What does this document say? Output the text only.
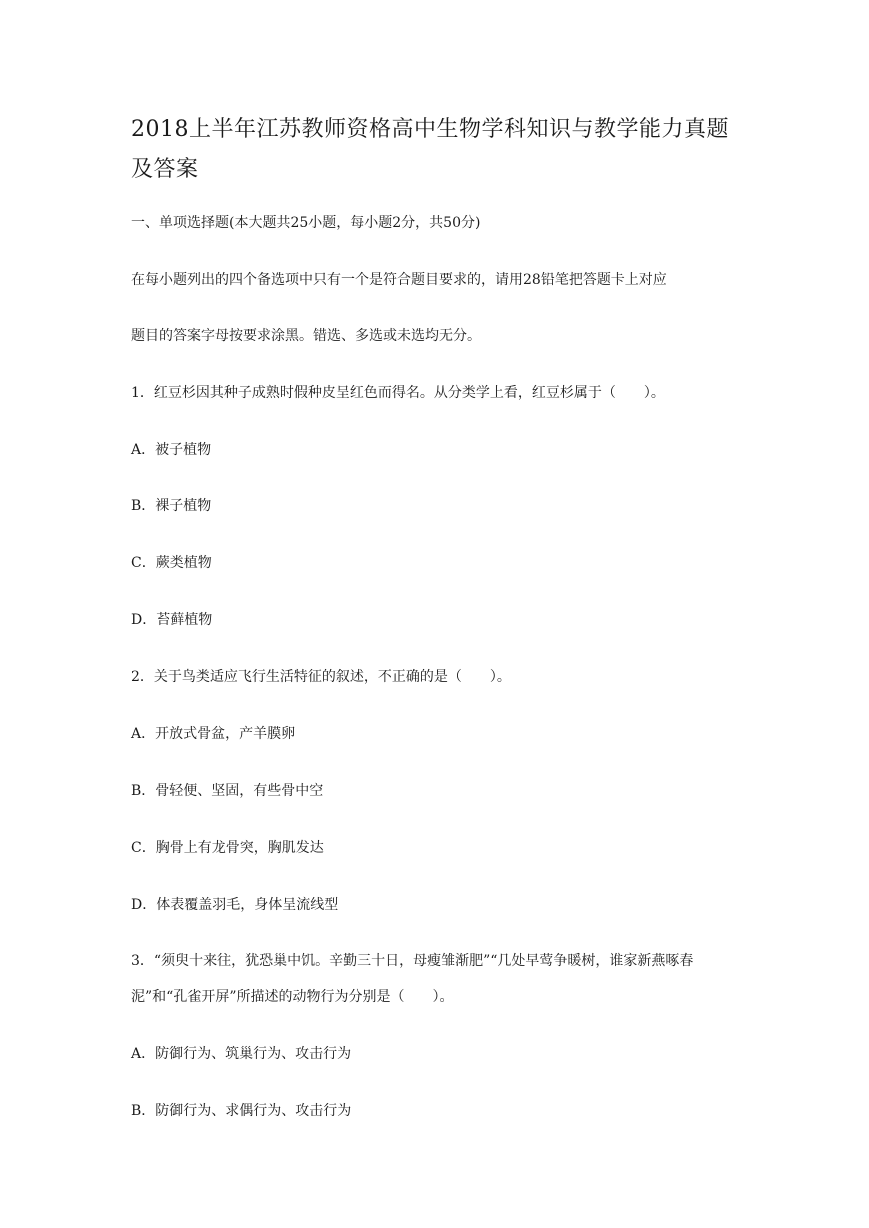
2018上半年江苏教师资格高中生物学科知识与教学能力真题及答案

一、单项选择题(本大题共25小题，每小题2分，共50分)

在每小题列出的四个备选项中只有一个是符合题目要求的，请用28铅笔把答题卡上对应

题目的答案字母按要求涂黑。错选、多选或未选均无分。

1．红豆杉因其种子成熟时假种皮呈红色而得名。从分类学上看，红豆杉属于（　　）。

A．被子植物

B．裸子植物

C．蕨类植物

D．苔藓植物

2．关于鸟类适应飞行生活特征的叙述，不正确的是（　　）。

A．开放式骨盆，产羊膜卵

B．骨轻便、坚固，有些骨中空

C．胸骨上有龙骨突，胸肌发达

D．体表覆盖羽毛，身体呈流线型

3．“须臾十来往，犹恐巢中饥。辛勤三十日，母瘦雏渐肥”“几处早莺争暖树，谁家新燕啄春泥”和“孔雀开屏”所描述的动物行为分别是（　　）。

A．防御行为、筑巢行为、攻击行为

B．防御行为、求偶行为、攻击行为
